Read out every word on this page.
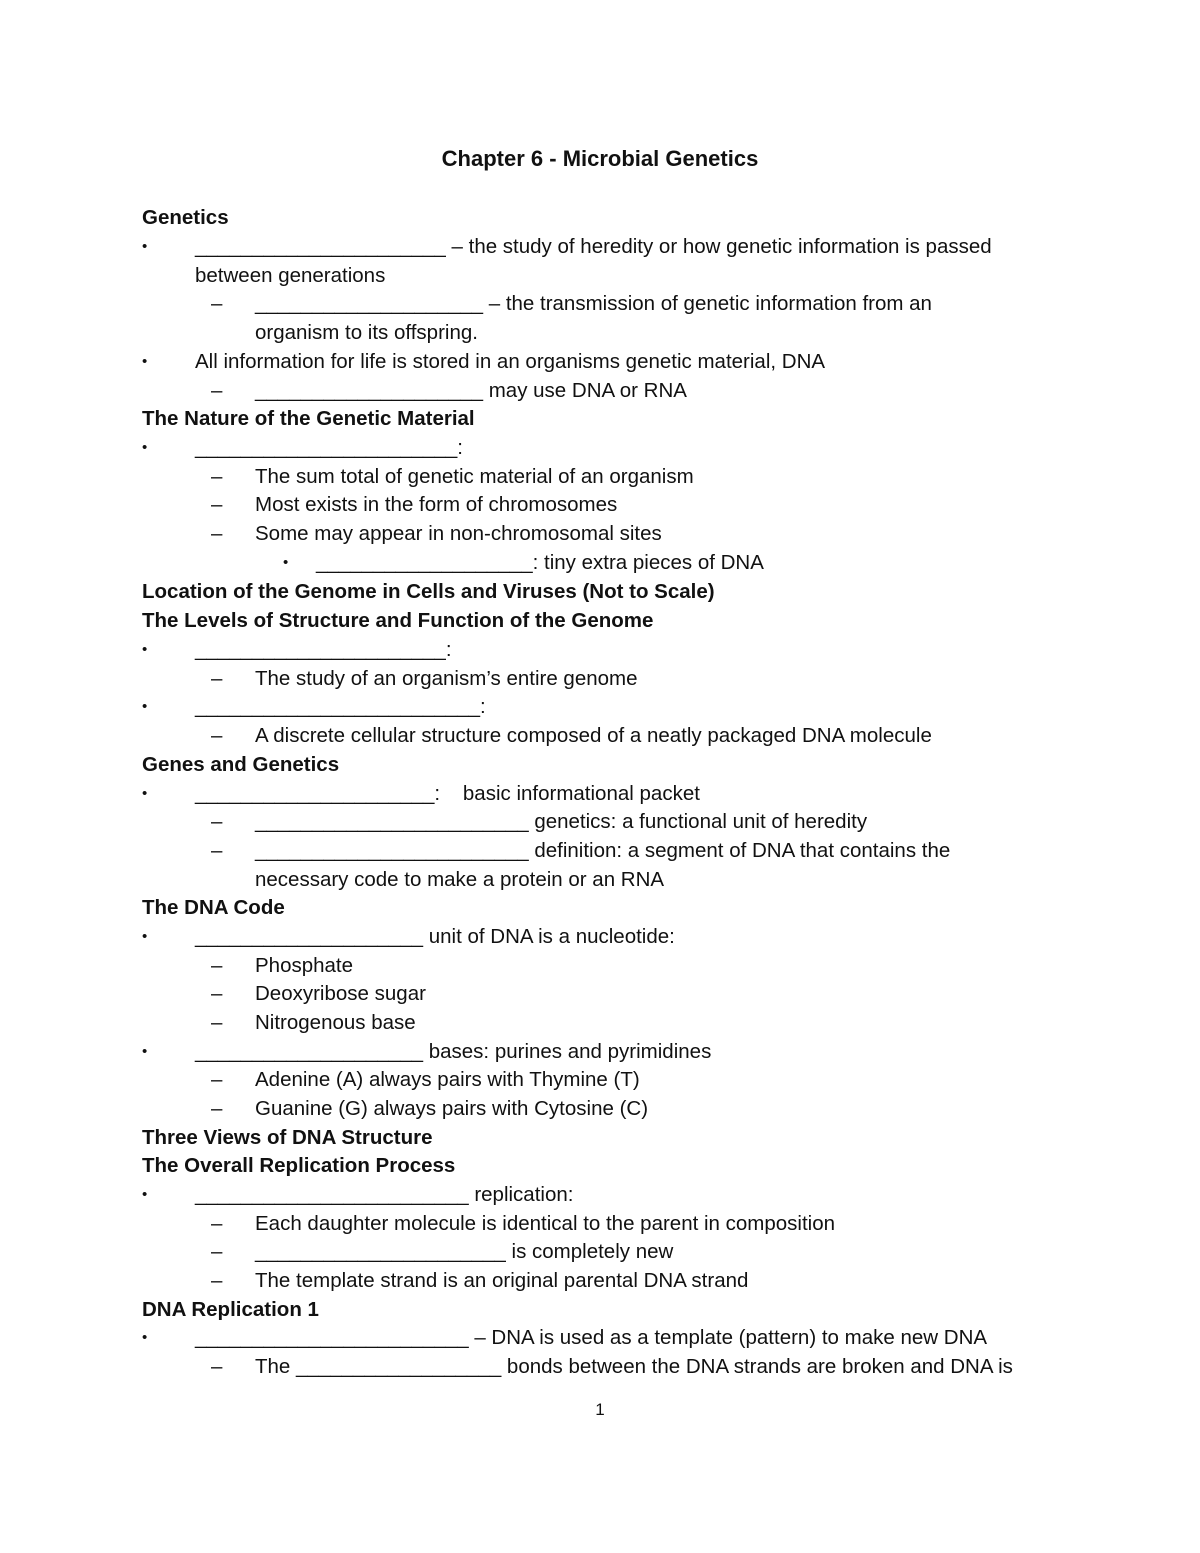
Chapter 6 - Microbial Genetics
Genetics
• ______________________ – the study of heredity or how genetic information is passed
between generations
– ____________________ – the transmission of genetic information from an
organism to its offspring.
• All information for life is stored in an organisms genetic material, DNA
– ____________________ may use DNA or RNA
The Nature of the Genetic Material
• _______________________:
– The sum total of genetic material of an organism
– Most exists in the form of chromosomes
– Some may appear in non-chromosomal sites
• ___________________: tiny extra pieces of DNA
Location of the Genome in Cells and Viruses (Not to Scale)
The Levels of Structure and Function of the Genome
• ______________________:
– The study of an organism’s entire genome
• _________________________:
– A discrete cellular structure composed of a neatly packaged DNA molecule
Genes and Genetics
• _____________________:    basic informational packet
– ________________________ genetics: a functional unit of heredity
– ________________________ definition: a segment of DNA that contains the
necessary code to make a protein or an RNA
The DNA Code
• ____________________ unit of DNA is a nucleotide:
– Phosphate
– Deoxyribose sugar
– Nitrogenous base
• ____________________ bases: purines and pyrimidines
– Adenine (A) always pairs with Thymine (T)
– Guanine (G) always pairs with Cytosine (C)
Three Views of DNA Structure
The Overall Replication Process
• ________________________ replication:
– Each daughter molecule is identical to the parent in composition
– ______________________ is completely new
– The template strand is an original parental DNA strand
DNA Replication 1
• ________________________ – DNA is used as a template (pattern) to make new DNA
– The __________________ bonds between the DNA strands are broken and DNA is
1
